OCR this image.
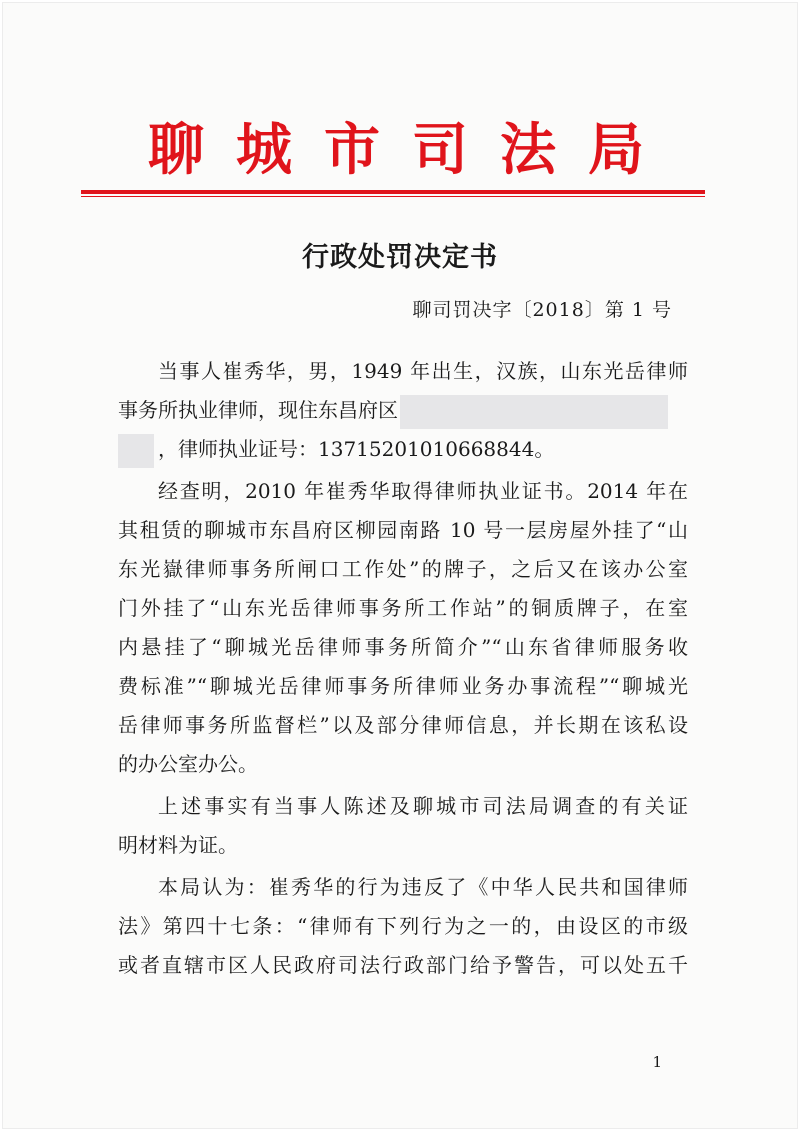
聊城市司法局
行政处罚决定书
聊司罚决字〔2018〕第 1 号
当事人崔秀华，男，1949 年出生，汉族，山东光岳律师
事务所执业律师，现住东昌府区
，律师执业证号：13715201010668844。
经查明，2010 年崔秀华取得律师执业证书。2014 年在
其租赁的聊城市东昌府区柳园南路 10 号一层房屋外挂了“山
东光嶽律师事务所闸口工作处”的牌子，之后又在该办公室
门外挂了“山东光岳律师事务所工作站”的铜质牌子，在室
内悬挂了“聊城光岳律师事务所简介”“山东省律师服务收
费标准”“聊城光岳律师事务所律师业务办事流程”“聊城光
岳律师事务所监督栏”以及部分律师信息，并长期在该私设
的办公室办公。
上述事实有当事人陈述及聊城市司法局调查的有关证
明材料为证。
本局认为：崔秀华的行为违反了《中华人民共和国律师
法》第四十七条：“律师有下列行为之一的，由设区的市级
或者直辖市区人民政府司法行政部门给予警告，可以处五千
1
